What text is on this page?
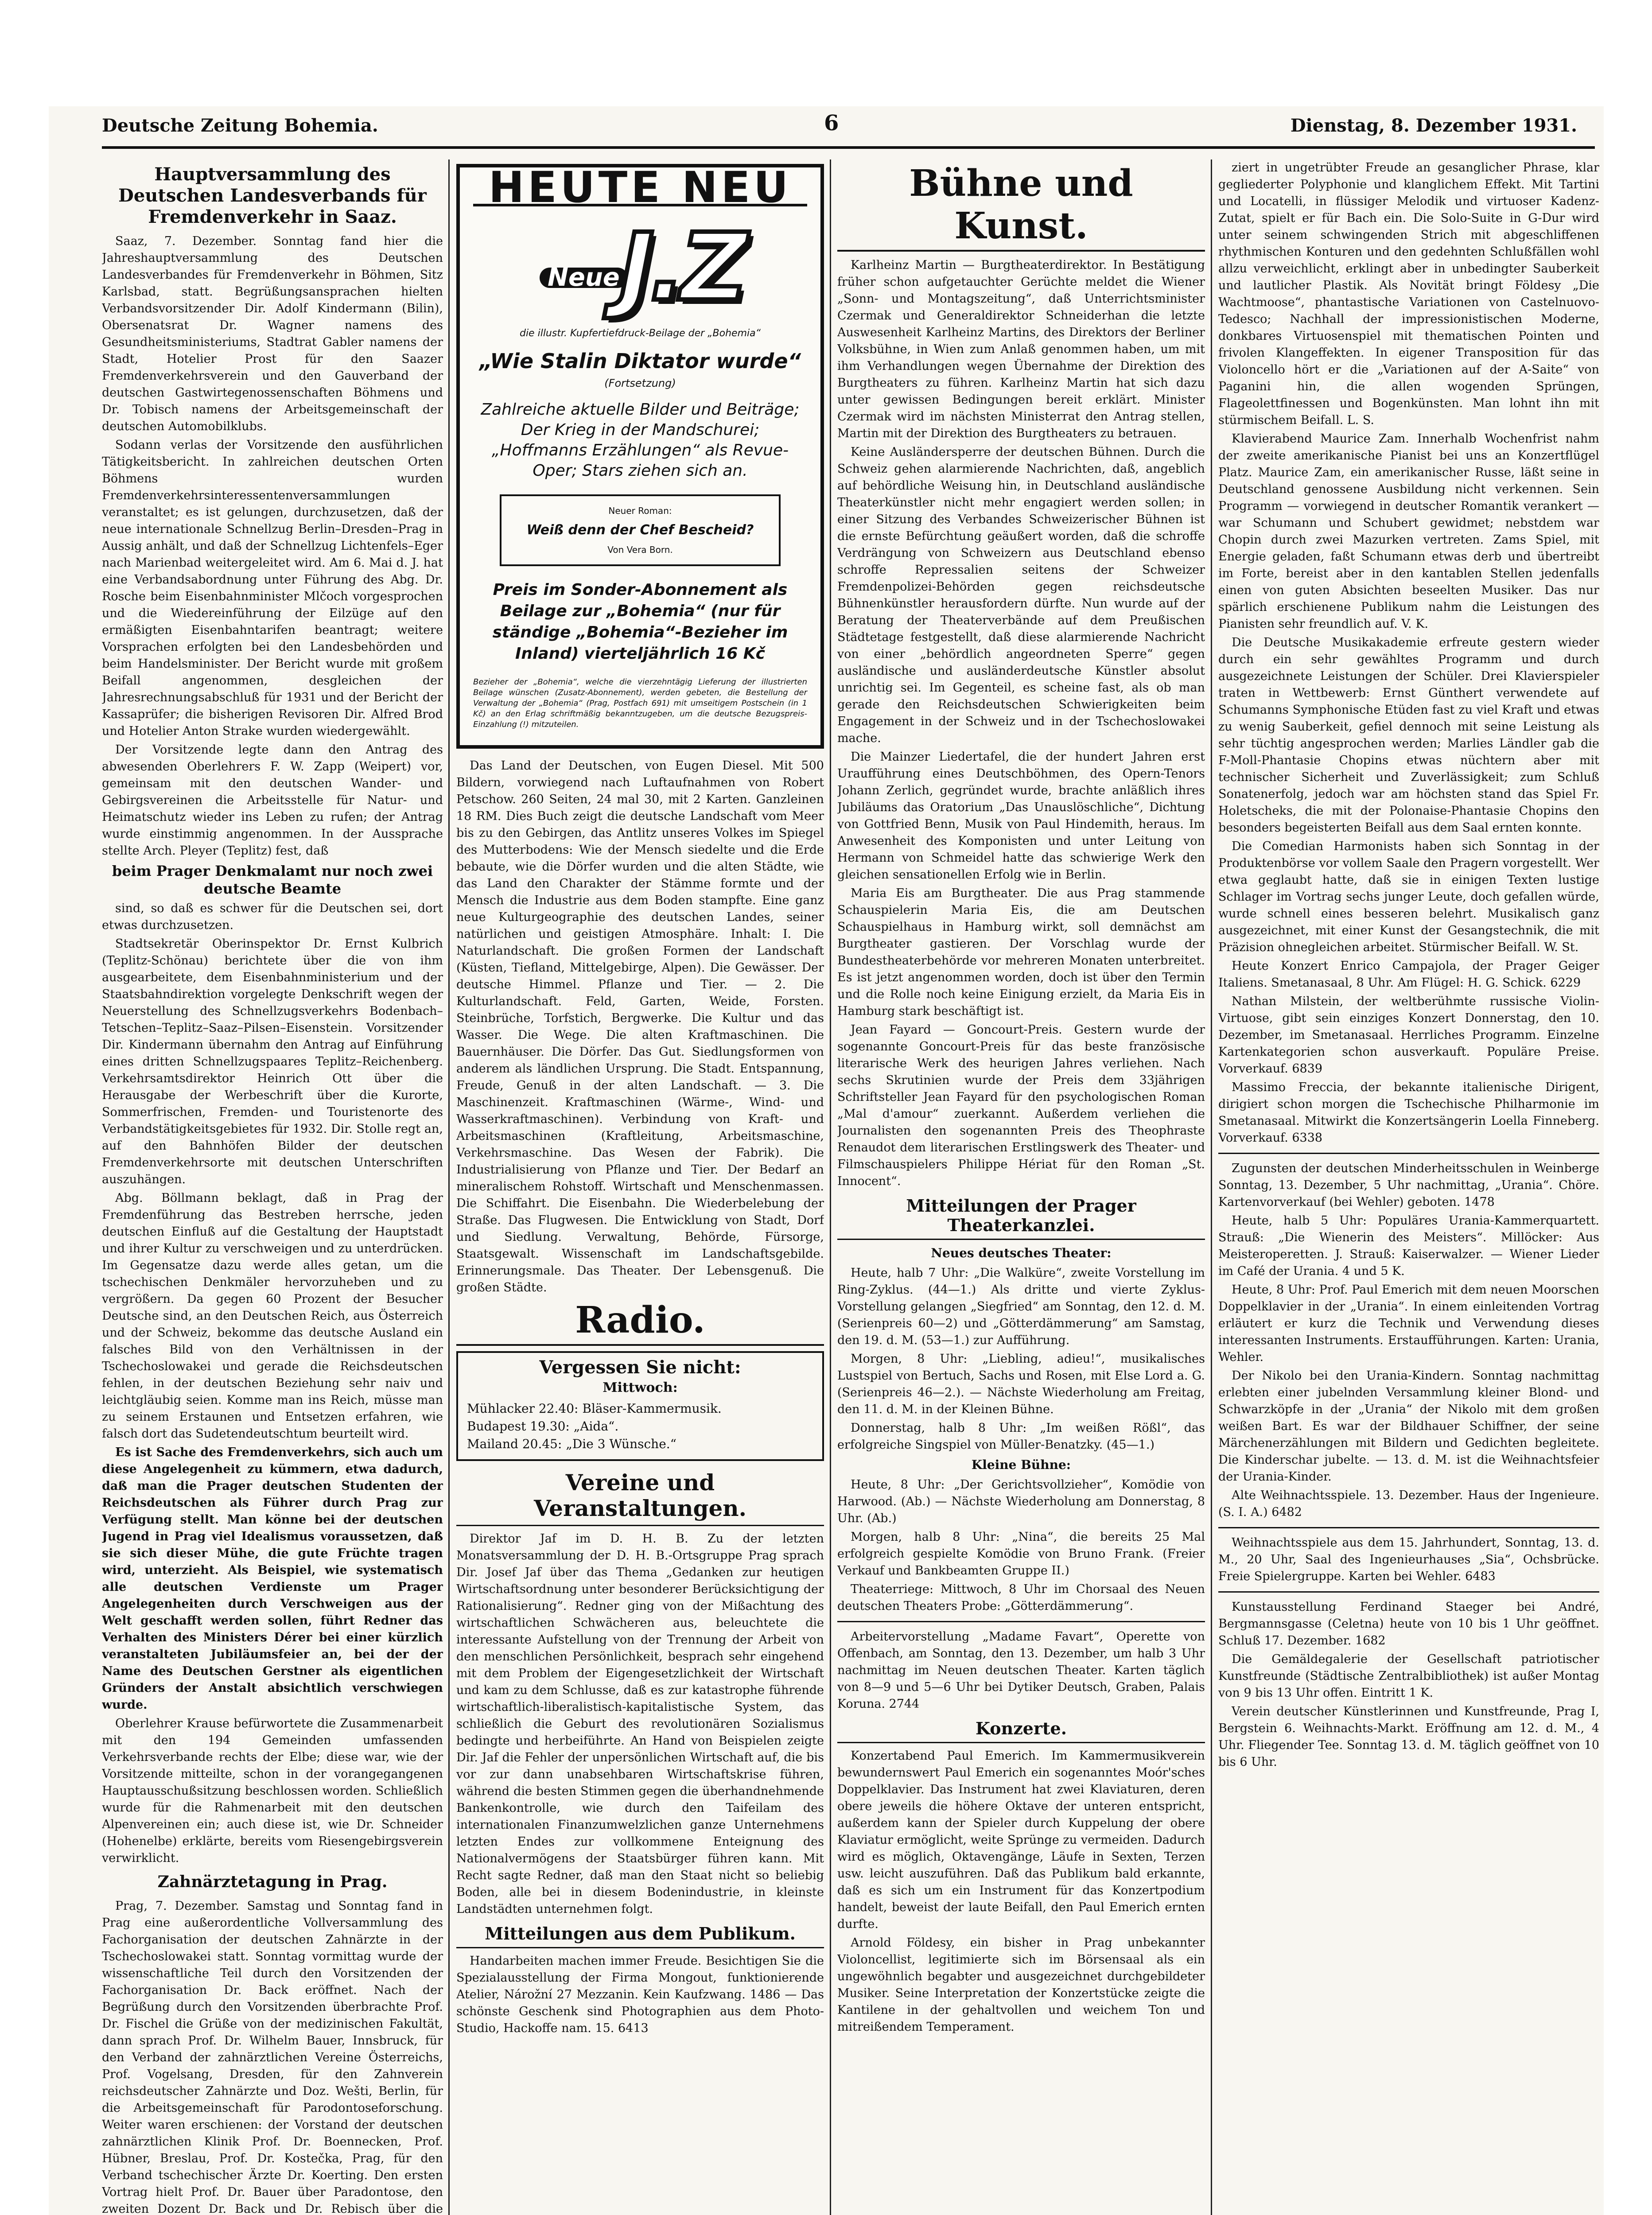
Deutsche Zeitung Bohemia.	6	Dienstag, 8. Dezember 1931.
Hauptversammlung des Deutschen Landesverbands für Fremdenverkehr in Saaz.

Saaz, 7. Dezember. Sonntag fand hier die Jahreshauptversammlung des Deutschen Landesverbandes für Fremdenverkehr in Böhmen, Sitz Karlsbad, statt. Begrüßungsansprachen hielten Verbandsvorsitzender Dir. Adolf Kindermann (Bilin), Obersenatsrat Dr. Wagner namens des Gesundheitsministeriums, Stadtrat Gabler namens der Stadt, Hotelier Prost für den Saazer Fremdenverkehrsverein und den Gauverband der deutschen Gastwirtegenossenschaften Böhmens und Dr. Tobisch namens der Arbeitsgemeinschaft der deutschen Automobilklubs.

Sodann verlas der Vorsitzende den ausführlichen Tätigkeitsbericht. In zahlreichen deutschen Orten Böhmens wurden Fremdenverkehrsinteressentenversammlungen veranstaltet; es ist gelungen, durchzusetzen, daß der neue internationale Schnellzug Berlin–Dresden–Prag in Aussig anhält, und daß der Schnellzug Lichtenfels–Eger nach Marienbad weitergeleitet wird. Am 6. Mai d. J. hat eine Verbandsabordnung unter Führung des Abg. Dr. Rosche beim Eisenbahnminister Mlčoch vorgesprochen und die Wiedereinführung der Eilzüge auf den ermäßigten Eisenbahntarifen beantragt; weitere Vorsprachen erfolgten bei den Landesbehörden und beim Handelsminister. Der Bericht wurde mit großem Beifall angenommen, desgleichen der Jahresrechnungsabschluß für 1931 und der Bericht der Kassaprüfer; die bisherigen Revisoren Dir. Alfred Brod und Hotelier Anton Strake wurden wiedergewählt.

Der Vorsitzende legte dann den Antrag des abwesenden Oberlehrers F. W. Zapp (Weipert) vor, gemeinsam mit den deutschen Wander- und Gebirgsvereinen die Arbeitsstelle für Natur- und Heimatschutz wieder ins Leben zu rufen; der Antrag wurde einstimmig angenommen. In der Aussprache stellte Arch. Pleyer (Teplitz) fest, daß

beim Prager Denkmalamt nur noch zwei deutsche Beamte

sind, so daß es schwer für die Deutschen sei, dort etwas durchzusetzen.

Stadtsekretär Oberinspektor Dr. Ernst Kulbrich (Teplitz-Schönau) berichtete über die von ihm ausgearbeitete, dem Eisenbahnministerium und der Staatsbahndirektion vorgelegte Denkschrift wegen der Neuerstellung des Schnellzugsverkehrs Bodenbach–Tetschen–Teplitz–Saaz–Pilsen–Eisenstein. Vorsitzender Dir. Kindermann übernahm den Antrag auf Einführung eines dritten Schnellzugspaares Teplitz–Reichenberg. Verkehrsamtsdirektor Heinrich Ott über die Herausgabe der Werbeschrift über die Kurorte, Sommerfrischen, Fremden- und Touristenorte des Verbandstätigkeitsgebietes für 1932. Dir. Stolle regt an, auf den Bahnhöfen Bilder der deutschen Fremdenverkehrsorte mit deutschen Unterschriften auszuhängen.

Abg. Böllmann beklagt, daß in Prag der Fremdenführung das Bestreben herrsche, jeden deutschen Einfluß auf die Gestaltung der Hauptstadt und ihrer Kultur zu verschweigen und zu unterdrücken. Im Gegensatze dazu werde alles getan, um die tschechischen Denkmäler hervorzuheben und zu vergrößern. Da gegen 60 Prozent der Besucher Deutsche sind, an den Deutschen Reich, aus Österreich und der Schweiz, bekomme das deutsche Ausland ein falsches Bild von den Verhältnissen in der Tschechoslowakei und gerade die Reichsdeutschen fehlen, in der deutschen Beziehung sehr naiv und leichtgläubig seien. Komme man ins Reich, müsse man zu seinem Erstaunen und Entsetzen erfahren, wie falsch dort das Sudetendeutschtum beurteilt wird.

Es ist Sache des Fremdenverkehrs, sich auch um diese Angelegenheit zu kümmern, etwa dadurch, daß man die Prager deutschen Studenten der Reichsdeutschen als Führer durch Prag zur Verfügung stellt. Man könne bei der deutschen Jugend in Prag viel Idealismus voraussetzen, daß sie sich dieser Mühe, die gute Früchte tragen wird, unterzieht. Als Beispiel, wie systematisch alle deutschen Verdienste um Prager Angelegenheiten durch Verschweigen aus der Welt geschafft werden sollen, führt Redner das Verhalten des Ministers Dérer bei einer kürzlich veranstalteten Jubiläumsfeier an, bei der der Name des Deutschen Gerstner als eigentlichen Gründers der Anstalt absichtlich verschwiegen wurde.

Oberlehrer Krause befürwortete die Zusammenarbeit mit den 194 Gemeinden umfassenden Verkehrsverbande rechts der Elbe; diese war, wie der Vorsitzende mitteilte, schon in der vorangegangenen Hauptausschußsitzung beschlossen worden. Schließlich wurde für die Rahmenarbeit mit den deutschen Alpenvereinen ein; auch diese ist, wie Dr. Schneider (Hohenelbe) erklärte, bereits vom Riesengebirgsverein verwirklicht.

Zahnärztetagung in Prag.

Prag, 7. Dezember. Samstag und Sonntag fand in Prag eine außerordentliche Vollversammlung des Fachorganisation der deutschen Zahnärzte in der Tschechoslowakei statt. Sonntag vormittag wurde der wissenschaftliche Teil durch den Vorsitzenden der Fachorganisation Dr. Back eröffnet. Nach der Begrüßung durch den Vorsitzenden überbrachte Prof. Dr. Fischel die Grüße von der medizinischen Fakultät, dann sprach Prof. Dr. Wilhelm Bauer, Innsbruck, für den Verband der zahnärztlichen Vereine Österreichs, Prof. Vogelsang, Dresden, für den Zahnverein reichsdeutscher Zahnärzte und Doz. Wešti, Berlin, für die Arbeitsgemeinschaft für Parodontoseforschung. Weiter waren erschienen: der Vorstand der deutschen zahnärztlichen Klinik Prof. Dr. Boennecken, Prof. Hübner, Breslau, Prof. Dr. Kostečka, Prag, für den Verband tschechischer Ärzte Dr. Koerting. Den ersten Vortrag hielt Prof. Dr. Bauer über Paradontose, den zweiten Dozent Dr. Back und Dr. Rebisch über die

HEUTE NEU
Neue J.Z
die illustr. Kupfertiefdruck-Beilage der „Bohemia“
„Wie Stalin Diktator wurde“
(Fortsetzung)
Zahlreiche aktuelle Bilder und Beiträge; Der Krieg in der Mandschurei; „Hoffmanns Erzählungen“ als Revue-Oper; Stars ziehen sich an.
Neuer Roman:
Weiß denn der Chef Bescheid?
Von Vera Born.
Preis im Sonder-Abonnement als Beilage zur „Bohemia“ (nur für ständige „Bohemia“-Bezieher im Inland) vierteljährlich 16 Kč
Bezieher der „Bohemia“, welche die vierzehntägig Lieferung der illustrierten Beilage wünschen (Zusatz-Abonnement), werden gebeten, die Bestellung der Verwaltung der „Bohemia“ (Prag, Postfach 691) mit umseitigem Postschein (in 1 Kč) an den Erlag schriftmäßig bekanntzugeben, um die deutsche Bezugspreis-Einzahlung (!) mitzuteilen.

Das Land der Deutschen, von Eugen Diesel. Mit 500 Bildern, vorwiegend nach Luftaufnahmen von Robert Petschow. 260 Seiten, 24 mal 30, mit 2 Karten. Ganzleinen 18 RM. Dies Buch zeigt die deutsche Landschaft vom Meer bis zu den Gebirgen, das Antlitz unseres Volkes im Spiegel des Mutterbodens: Wie der Mensch siedelte und die Erde bebaute, wie die Dörfer wurden und die alten Städte, wie das Land den Charakter der Stämme formte und der Mensch die Industrie aus dem Boden stampfte. Eine ganz neue Kulturgeographie des deutschen Landes, seiner natürlichen und geistigen Atmosphäre. Inhalt: I. Die Naturlandschaft. Die großen Formen der Landschaft (Küsten, Tiefland, Mittelgebirge, Alpen). Die Gewässer. Der deutsche Himmel. Pflanze und Tier. — 2. Die Kulturlandschaft. Feld, Garten, Weide, Forsten. Steinbrüche, Torfstich, Bergwerke. Die Kultur und das Wasser. Die Wege. Die alten Kraftmaschinen. Die Bauernhäuser. Die Dörfer. Das Gut. Siedlungsformen von anderem als ländlichen Ursprung. Die Stadt. Entspannung, Freude, Genuß in der alten Landschaft. — 3. Die Maschinenzeit. Kraftmaschinen (Wärme-, Wind- und Wasserkraftmaschinen). Verbindung von Kraft- und Arbeitsmaschinen (Kraftleitung, Arbeitsmaschine, Verkehrsmaschine. Das Wesen der Fabrik). Die Industrialisierung von Pflanze und Tier. Der Bedarf an mineralischem Rohstoff. Wirtschaft und Menschenmassen. Die Schiffahrt. Die Eisenbahn. Die Wiederbelebung der Straße. Das Flugwesen. Die Entwicklung von Stadt, Dorf und Siedlung. Verwaltung, Behörde, Fürsorge, Staatsgewalt. Wissenschaft im Landschaftsgebilde. Erinnerungsmale. Das Theater. Der Lebensgenuß. Die großen Städte.

Radio.
Vergessen Sie nicht:
Mittwoch:
Mühlacker 22.40: Bläser-Kammermusik.
Budapest 19.30: „Aida“.
Mailand 20.45: „Die 3 Wünsche.“
Vereine und Veranstaltungen.

Direktor Jaf im D. H. B. Zu der letzten Monatsversammlung der D. H. B.-Ortsgruppe Prag sprach Dir. Josef Jaf über das Thema „Gedanken zur heutigen Wirtschaftsordnung unter besonderer Berücksichtigung der Rationalisierung“. Redner ging von der Mißachtung des wirtschaftlichen Schwächeren aus, beleuchtete die interessante Aufstellung von der Trennung der Arbeit von den menschlichen Persönlichkeit, besprach sehr eingehend mit dem Problem der Eigengesetzlichkeit der Wirtschaft und kam zu dem Schlusse, daß es zur katastrophe führende wirtschaftlich-liberalistisch-kapitalistische System, das schließlich die Geburt des revolutionären Sozialismus bedingte und herbeiführte. An Hand von Beispielen zeigte Dir. Jaf die Fehler der unpersönlichen Wirtschaft auf, die bis vor zur dann unabsehbaren Wirtschaftskrise führen, während die besten Stimmen gegen die überhandnehmende Bankenkontrolle, wie durch den Taifeilam des internationalen Finanzumwelzlichen ganze Unternehmens letzten Endes zur vollkommene Enteignung des Nationalvermögens der Staatsbürger führen kann. Mit Recht sagte Redner, daß man den Staat nicht so beliebig Boden, alle bei in diesem Bodenindustrie, in kleinste Landstädten unternehmen folgt.

Mitteilungen aus dem Publikum.

Handarbeiten machen immer Freude. Besichtigen Sie die Spezialausstellung der Firma Mongout, funktionierende Atelier, Nárožní 27 Mezzanin. Kein Kaufzwang. 1486 — Das schönste Geschenk sind Photographien aus dem Photo-Studio, Hackoffe nam. 15. 6413

Bühne und Kunst.

Karlheinz Martin — Burgtheaterdirektor. In Bestätigung früher schon aufgetauchter Gerüchte meldet die Wiener „Sonn- und Montagszeitung“, daß Unterrichtsminister Czermak und Generaldirektor Schneiderhan die letzte Auswesenheit Karlheinz Martins, des Direktors der Berliner Volksbühne, in Wien zum Anlaß genommen haben, um mit ihm Verhandlungen wegen Übernahme der Direktion des Burgtheaters zu führen. Karlheinz Martin hat sich dazu unter gewissen Bedingungen bereit erklärt. Minister Czermak wird im nächsten Ministerrat den Antrag stellen, Martin mit der Direktion des Burgtheaters zu betrauen.

Keine Ausländersperre der deutschen Bühnen. Durch die Schweiz gehen alarmierende Nachrichten, daß, angeblich auf behördliche Weisung hin, in Deutschland ausländische Theaterkünstler nicht mehr engagiert werden sollen; in einer Sitzung des Verbandes Schweizerischer Bühnen ist die ernste Befürchtung geäußert worden, daß die schroffe Verdrängung von Schweizern aus Deutschland ebenso schroffe Repressalien seitens der Schweizer Fremdenpolizei-Behörden gegen reichsdeutsche Bühnenkünstler herausfordern dürfte. Nun wurde auf der Beratung der Theaterverbände auf dem Preußischen Städtetage festgestellt, daß diese alarmierende Nachricht von einer „behördlich angeordneten Sperre“ gegen ausländische und ausländerdeutsche Künstler absolut unrichtig sei. Im Gegenteil, es scheine fast, als ob man gerade den Reichsdeutschen Schwierigkeiten beim Engagement in der Schweiz und in der Tschechoslowakei mache.

Die Mainzer Liedertafel, die der hundert Jahren erst Uraufführung eines Deutschböhmen, des Opern-Tenors Johann Zerlich, gegründet wurde, brachte anläßlich ihres Jubiläums das Oratorium „Das Unauslöschliche“, Dichtung von Gottfried Benn, Musik von Paul Hindemith, heraus. Im Anwesenheit des Komponisten und unter Leitung von Hermann von Schmeidel hatte das schwierige Werk den gleichen sensationellen Erfolg wie in Berlin.

Maria Eis am Burgtheater. Die aus Prag stammende Schauspielerin Maria Eis, die am Deutschen Schauspielhaus in Hamburg wirkt, soll demnächst am Burgtheater gastieren. Der Vorschlag wurde der Bundestheaterbehörde vor mehreren Monaten unterbreitet. Es ist jetzt angenommen worden, doch ist über den Termin und die Rolle noch keine Einigung erzielt, da Maria Eis in Hamburg stark beschäftigt ist.

Jean Fayard — Goncourt-Preis. Gestern wurde der sogenannte Goncourt-Preis für das beste französische literarische Werk des heurigen Jahres verliehen. Nach sechs Skrutinien wurde der Preis dem 33jährigen Schriftsteller Jean Fayard für den psychologischen Roman „Mal d'amour“ zuerkannt. Außerdem verliehen die Journalisten den sogenannten Preis des Theophraste Renaudot dem literarischen Erstlingswerk des Theater- und Filmschauspielers Philippe Hériat für den Roman „St. Innocent“.

Mitteilungen der Prager Theaterkanzlei.
Neues deutsches Theater:

Heute, halb 7 Uhr: „Die Walküre“, zweite Vorstellung im Ring-Zyklus. (44—1.) Als dritte und vierte Zyklus-Vorstellung gelangen „Siegfried“ am Sonntag, den 12. d. M. (Serienpreis 60—2) und „Götterdämmerung“ am Samstag, den 19. d. M. (53—1.) zur Aufführung.

Morgen, 8 Uhr: „Liebling, adieu!“, musikalisches Lustspiel von Bertuch, Sachs und Rosen, mit Else Lord a. G. (Serienpreis 46—2.). — Nächste Wiederholung am Freitag, den 11. d. M. in der Kleinen Bühne.

Donnerstag, halb 8 Uhr: „Im weißen Rößl“, das erfolgreiche Singspiel von Müller-Benatzky. (45—1.)

Kleine Bühne:

Heute, 8 Uhr: „Der Gerichtsvollzieher“, Komödie von Harwood. (Ab.) — Nächste Wiederholung am Donnerstag, 8 Uhr. (Ab.)

Morgen, halb 8 Uhr: „Nina“, die bereits 25 Mal erfolgreich gespielte Komödie von Bruno Frank. (Freier Verkauf und Bankbeamten Gruppe II.)

Theaterriege: Mittwoch, 8 Uhr im Chorsaal des Neuen deutschen Theaters Probe: „Götterdämmerung“.

Arbeitervorstellung „Madame Favart“, Operette von Offenbach, am Sonntag, den 13. Dezember, um halb 3 Uhr nachmittag im Neuen deutschen Theater. Karten täglich von 8—9 und 5—6 Uhr bei Dytiker Deutsch, Graben, Palais Koruna. 2744

Konzerte.

Konzertabend Paul Emerich. Im Kammermusikverein bewundernswert Paul Emerich ein sogenanntes Moór'sches Doppelklavier. Das Instrument hat zwei Klaviaturen, deren obere jeweils die höhere Oktave der unteren entspricht, außerdem kann der Spieler durch Kuppelung der obere Klaviatur ermöglicht, weite Sprünge zu vermeiden. Dadurch wird es möglich, Oktavengänge, Läufe in Sexten, Terzen usw. leicht auszuführen. Daß das Publikum bald erkannte, daß es sich um ein Instrument für das Konzertpodium handelt, beweist der laute Beifall, den Paul Emerich ernten durfte.

Arnold Földesy, ein bisher in Prag unbekannter Violoncellist, legitimierte sich im Börsensaal als ein ungewöhnlich begabter und ausgezeichnet durchgebildeter Musiker. Seine Interpretation der Konzertstücke zeigte die Kantilene in der gehaltvollen und weichem Ton und mitreißendem Temperament.

ziert in ungetrübter Freude an gesanglicher Phrase, klar gegliederter Polyphonie und klanglichem Effekt. Mit Tartini und Locatelli, in flüssiger Melodik und virtuoser Kadenz-Zutat, spielt er für Bach ein. Die Solo-Suite in G-Dur wird unter seinem schwingenden Strich mit abgeschliffenen rhythmischen Konturen und den gedehnten Schlußfällen wohl allzu verweichlicht, erklingt aber in unbedingter Sauberkeit und lautlicher Plastik. Als Novität bringt Földesy „Die Wachtmoose“, phantastische Variationen von Castelnuovo-Tedesco; Nachhall der impressionistischen Moderne, donkbares Virtuosenspiel mit thematischen Pointen und frivolen Klangeffekten. In eigener Transposition für das Violoncello hört er die „Variationen auf der A-Saite“ von Paganini hin, die allen wogenden Sprüngen, Flageolettfinessen und Bogenkünsten. Man lohnt ihn mit stürmischem Beifall. L. S.

Klavierabend Maurice Zam. Innerhalb Wochenfrist nahm der zweite amerikanische Pianist bei uns an Konzertflügel Platz. Maurice Zam, ein amerikanischer Russe, läßt seine in Deutschland genossene Ausbildung nicht verkennen. Sein Programm — vorwiegend in deutscher Romantik verankert — war Schumann und Schubert gewidmet; nebstdem war Chopin durch zwei Mazurken vertreten. Zams Spiel, mit Energie geladen, faßt Schumann etwas derb und übertreibt im Forte, bereist aber in den kantablen Stellen jedenfalls einen von guten Absichten beseelten Musiker. Das nur spärlich erschienene Publikum nahm die Leistungen des Pianisten sehr freundlich auf. V. K.

Die Deutsche Musikakademie erfreute gestern wieder durch ein sehr gewähltes Programm und durch ausgezeichnete Leistungen der Schüler. Drei Klavierspieler traten in Wettbewerb: Ernst Günthert verwendete auf Schumanns Symphonische Etüden fast zu viel Kraft und etwas zu wenig Sauberkeit, gefiel dennoch mit seine Leistung als sehr tüchtig angesprochen werden; Marlies Ländler gab die F-Moll-Phantasie Chopins etwas nüchtern aber mit technischer Sicherheit und Zuverlässigkeit; zum Schluß Sonatenerfolg, jedoch war am höchsten stand das Spiel Fr. Holetscheks, die mit der Polonaise-Phantasie Chopins den besonders begeisterten Beifall aus dem Saal ernten konnte.

Die Comedian Harmonists haben sich Sonntag in der Produktenbörse vor vollem Saale den Pragern vorgestellt. Wer etwa geglaubt hatte, daß sie in einigen Texten lustige Schlager im Vortrag sechs junger Leute, doch gefallen würde, wurde schnell eines besseren belehrt. Musikalisch ganz ausgezeichnet, mit einer Kunst der Gesangstechnik, die mit Präzision ohnegleichen arbeitet. Stürmischer Beifall. W. St.

Heute Konzert Enrico Campajola, der Prager Geiger Italiens. Smetanasaal, 8 Uhr. Am Flügel: H. G. Schick. 6229

Nathan Milstein, der weltberühmte russische Violin-Virtuose, gibt sein einziges Konzert Donnerstag, den 10. Dezember, im Smetanasaal. Herrliches Programm. Einzelne Kartenkategorien schon ausverkauft. Populäre Preise. Vorverkauf. 6839

Massimo Freccia, der bekannte italienische Dirigent, dirigiert schon morgen die Tschechische Philharmonie im Smetanasaal. Mitwirkt die Konzertsängerin Loella Finneberg. Vorverkauf. 6338

Zugunsten der deutschen Minderheitsschulen in Weinberge Sonntag, 13. Dezember, 5 Uhr nachmittag, „Urania“. Chöre. Kartenvorverkauf (bei Wehler) geboten. 1478

Heute, halb 5 Uhr: Populäres Urania-Kammerquartett. Strauß: „Die Wienerin des Meisters“. Millöcker: Aus Meisteroperetten. J. Strauß: Kaiserwalzer. — Wiener Lieder im Café der Urania. 4 und 5 K.

Heute, 8 Uhr: Prof. Paul Emerich mit dem neuen Moorschen Doppelklavier in der „Urania“. In einem einleitenden Vortrag erläutert er kurz die Technik und Verwendung dieses interessanten Instruments. Erstaufführungen. Karten: Urania, Wehler.

Der Nikolo bei den Urania-Kindern. Sonntag nachmittag erlebten einer jubelnden Versammlung kleiner Blond- und Schwarzköpfe in der „Urania“ der Nikolo mit dem großen weißen Bart. Es war der Bildhauer Schiffner, der seine Märchenerzählungen mit Bildern und Gedichten begleitete. Die Kinderschar jubelte. — 13. d. M. ist die Weihnachtsfeier der Urania-Kinder.

Alte Weihnachtsspiele. 13. Dezember. Haus der Ingenieure. (S. I. A.) 6482

Weihnachtsspiele aus dem 15. Jahrhundert, Sonntag, 13. d. M., 20 Uhr, Saal des Ingenieurhauses „Sia“, Ochsbrücke. Freie Spielergruppe. Karten bei Wehler. 6483

Kunstausstellung Ferdinand Staeger bei André, Bergmannsgasse (Celetna) heute von 10 bis 1 Uhr geöffnet. Schluß 17. Dezember. 1682

Die Gemäldegalerie der Gesellschaft patriotischer Kunstfreunde (Städtische Zentralbibliothek) ist außer Montag von 9 bis 13 Uhr offen. Eintritt 1 K.

Verein deutscher Künstlerinnen und Kunstfreunde, Prag I, Bergstein 6. Weihnachts-Markt. Eröffnung am 12. d. M., 4 Uhr. Fliegender Tee. Sonntag 13. d. M. täglich geöffnet von 10 bis 6 Uhr.
